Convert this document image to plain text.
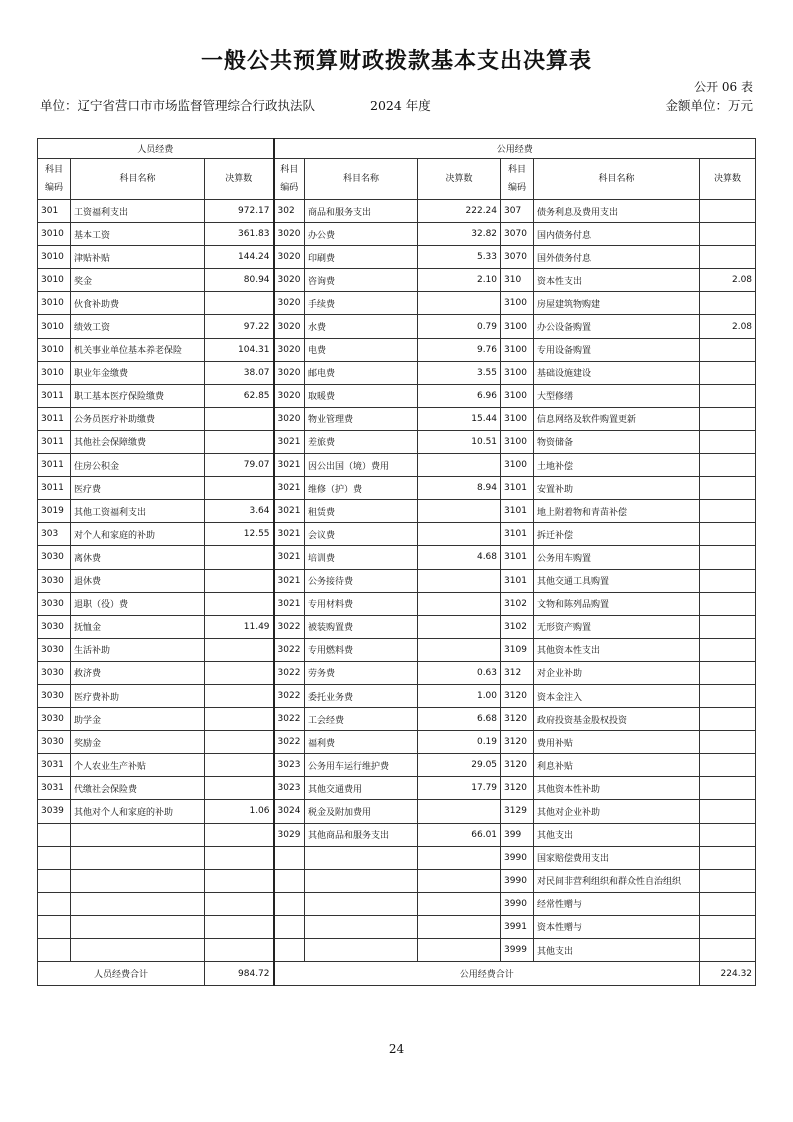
一般公共预算财政拨款基本支出决算表
公开 06 表
单位：辽宁省营口市市场监督管理综合行政执法队	2024 年度	金额单位：万元
人员经费			公用经费					
科目编码	科目名称	决算数	科目编码	科目名称	决算数	科目编码	科目名称	决算数
301	工资福利支出	972.17	302	商品和服务支出	222.24	307	债务利息及费用支出	
3010	基本工资	361.83	3020	办公费	32.82	3070	国内债务付息	
3010	津贴补贴	144.24	3020	印刷费	5.33	3070	国外债务付息	
3010	奖金	80.94	3020	咨询费	2.10	310	资本性支出	2.08
3010	伙食补助费		3020	手续费		3100	房屋建筑物购建	
3010	绩效工资	97.22	3020	水费	0.79	3100	办公设备购置	2.08
3010	机关事业单位基本养老保险	104.31	3020	电费	9.76	3100	专用设备购置	
3010	职业年金缴费	38.07	3020	邮电费	3.55	3100	基础设施建设	
3011	职工基本医疗保险缴费	62.85	3020	取暖费	6.96	3100	大型修缮	
3011	公务员医疗补助缴费		3020	物业管理费	15.44	3100	信息网络及软件购置更新	
3011	其他社会保障缴费		3021	差旅费	10.51	3100	物资储备	
3011	住房公积金	79.07	3021	因公出国（境）费用		3100	土地补偿	
3011	医疗费		3021	维修（护）费	8.94	3101	安置补助	
3019	其他工资福利支出	3.64	3021	租赁费		3101	地上附着物和青苗补偿	
303	对个人和家庭的补助	12.55	3021	会议费		3101	拆迁补偿	
3030	离休费		3021	培训费	4.68	3101	公务用车购置	
3030	退休费		3021	公务接待费		3101	其他交通工具购置	
3030	退职（役）费		3021	专用材料费		3102	文物和陈列品购置	
3030	抚恤金	11.49	3022	被装购置费		3102	无形资产购置	
3030	生活补助		3022	专用燃料费		3109	其他资本性支出	
3030	救济费		3022	劳务费	0.63	312	对企业补助	
3030	医疗费补助		3022	委托业务费	1.00	3120	资本金注入	
3030	助学金		3022	工会经费	6.68	3120	政府投资基金股权投资	
3030	奖励金		3022	福利费	0.19	3120	费用补贴	
3031	个人农业生产补贴		3023	公务用车运行维护费	29.05	3120	利息补贴	
3031	代缴社会保险费		3023	其他交通费用	17.79	3120	其他资本性补助	
3039	其他对个人和家庭的补助	1.06	3024	税金及附加费用		3129	其他对企业补助	
			3029	其他商品和服务支出	66.01	399	其他支出	
						3990	国家赔偿费用支出	
						3990	对民间非营利组织和群众性自治组织	
						3990	经常性赠与	
						3991	资本性赠与	
						3999	其他支出	
人员经费合计		984.72	公用经费合计					224.32
24
